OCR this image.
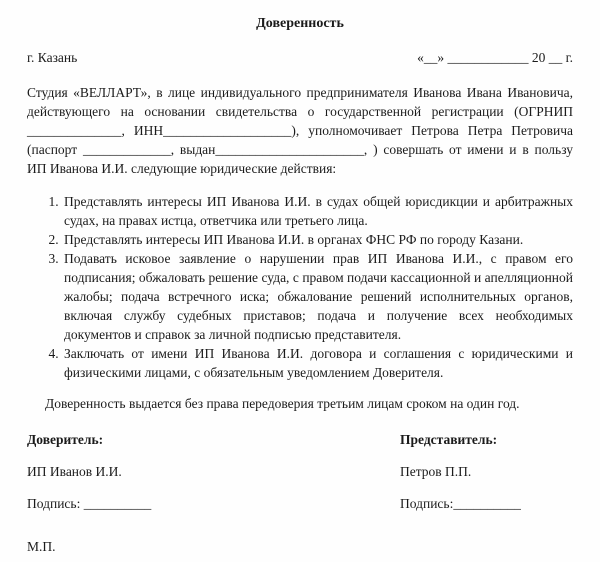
Доверенность
г. Казань	«__» ____________ 20 __ г.

Студия «ВЕЛЛАРТ», в лице индивидуального предпринимателя Иванова Ивана Ивановича, действующего на основании свидетельства о государственной регистрации (ОГРНИП ______________, ИНН___________________), уполномочивает Петрова Петра Петровича (паспорт _____________, выдан______________________, ) совершать от имени и в пользу ИП Иванова И.И. следующие юридические действия:

1. Представлять интересы ИП Иванова И.И. в судах общей юрисдикции и арбитражных судах, на правах истца, ответчика или третьего лица.
2. Представлять интересы ИП Иванова И.И. в органах ФНС РФ по городу Казани.
3. Подавать исковое заявление о нарушении прав ИП Иванова И.И., с правом его подписания; обжаловать решение суда, с правом подачи кассационной и апелляционной жалобы; подача встречного иска; обжалование решений исполнительных органов, включая службу судебных приставов; подача и получение всех необходимых документов и справок за личной подписью представителя.
4. Заключать от имени ИП Иванова И.И. договора и соглашения с юридическими и физическими лицами, с обязательным уведомлением Доверителя.

Доверенность выдается без права передоверия третьим лицам сроком на один год.

Доверитель:

ИП Иванов И.И.

Подпись: __________

Представитель:

Петров П.П.

Подпись:__________

М.П.
